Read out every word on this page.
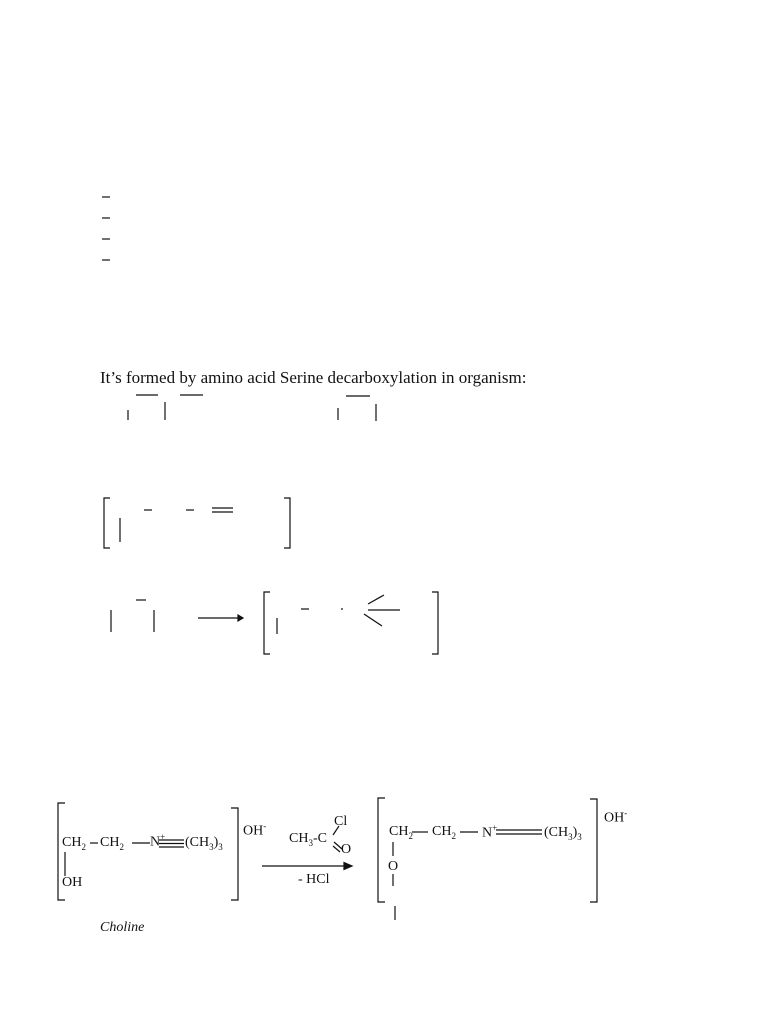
It’s formed by amino acid Serine decarboxylation in organism:
$CH_2$ $CH_2$ N+ $(CH_3)_3$
OH
OH-	Cl
$CH_3-C$
O
- HCl
$CH_2$ $CH_2$ N+	$(CH_3)_3$
O
OH-
Choline
